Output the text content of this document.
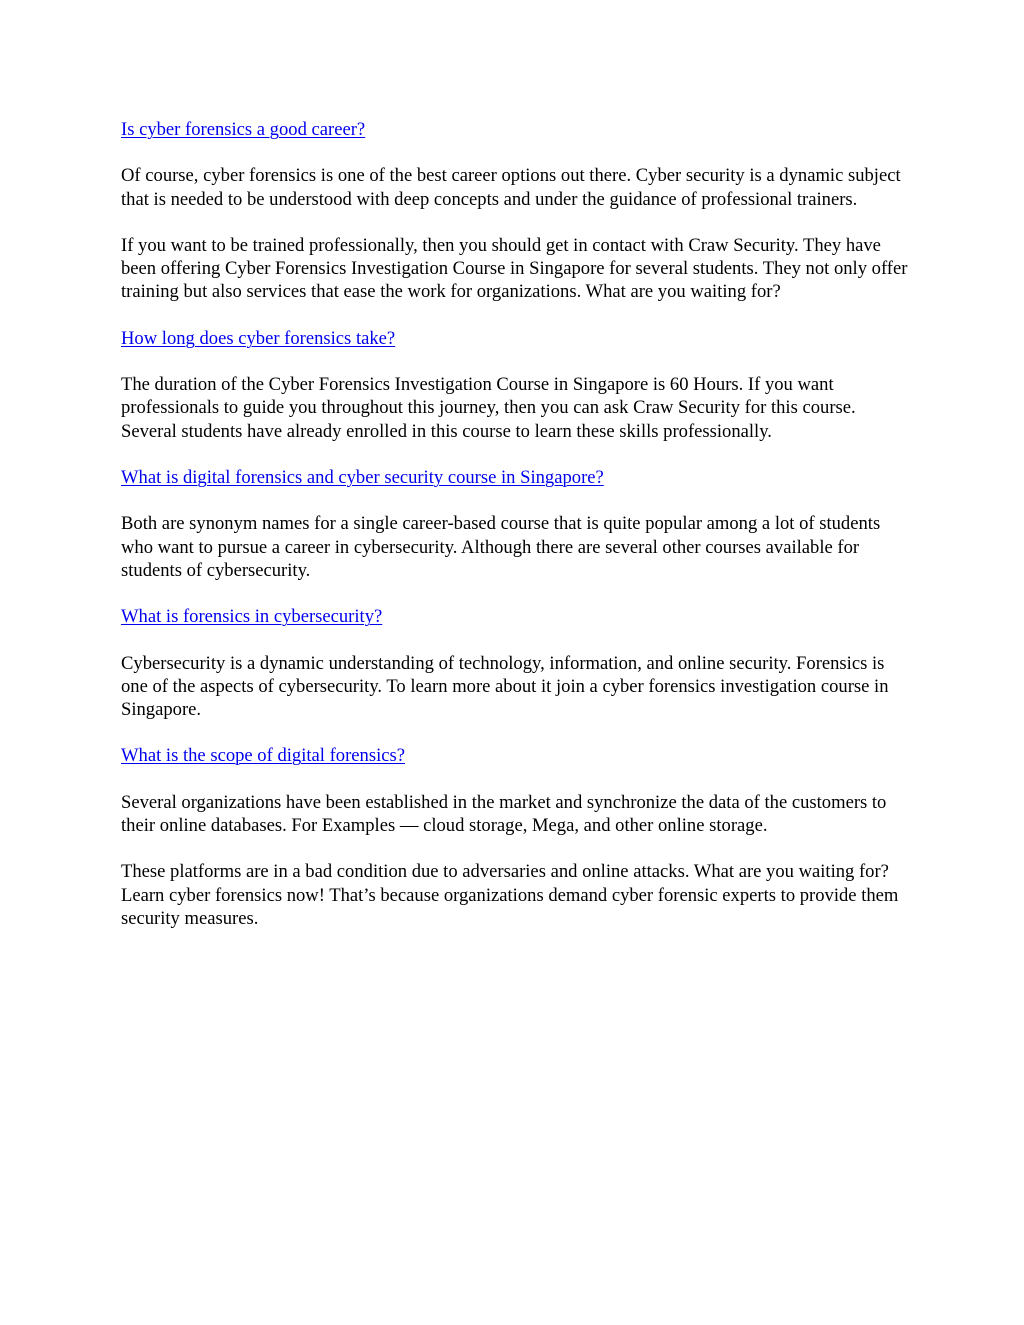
Is cyber forensics a good career?

Of course, cyber forensics is one of the best career options out there. Cyber security is a dynamic subject that is needed to be understood with deep concepts and under the guidance of professional trainers.

If you want to be trained professionally, then you should get in contact with Craw Security. They have been offering Cyber Forensics Investigation Course in Singapore for several students. They not only offer training but also services that ease the work for organizations. What are you waiting for?

How long does cyber forensics take?

The duration of the Cyber Forensics Investigation Course in Singapore is 60 Hours. If you want professionals to guide you throughout this journey, then you can ask Craw Security for this course. Several students have already enrolled in this course to learn these skills professionally.

What is digital forensics and cyber security course in Singapore?

Both are synonym names for a single career-based course that is quite popular among a lot of students who want to pursue a career in cybersecurity. Although there are several other courses available for students of cybersecurity.

What is forensics in cybersecurity?

Cybersecurity is a dynamic understanding of technology, information, and online security. Forensics is one of the aspects of cybersecurity. To learn more about it join a cyber forensics investigation course in Singapore.

What is the scope of digital forensics?

Several organizations have been established in the market and synchronize the data of the customers to their online databases. For Examples — cloud storage, Mega, and other online storage.

These platforms are in a bad condition due to adversaries and online attacks. What are you waiting for? Learn cyber forensics now! That’s because organizations demand cyber forensic experts to provide them security measures.
